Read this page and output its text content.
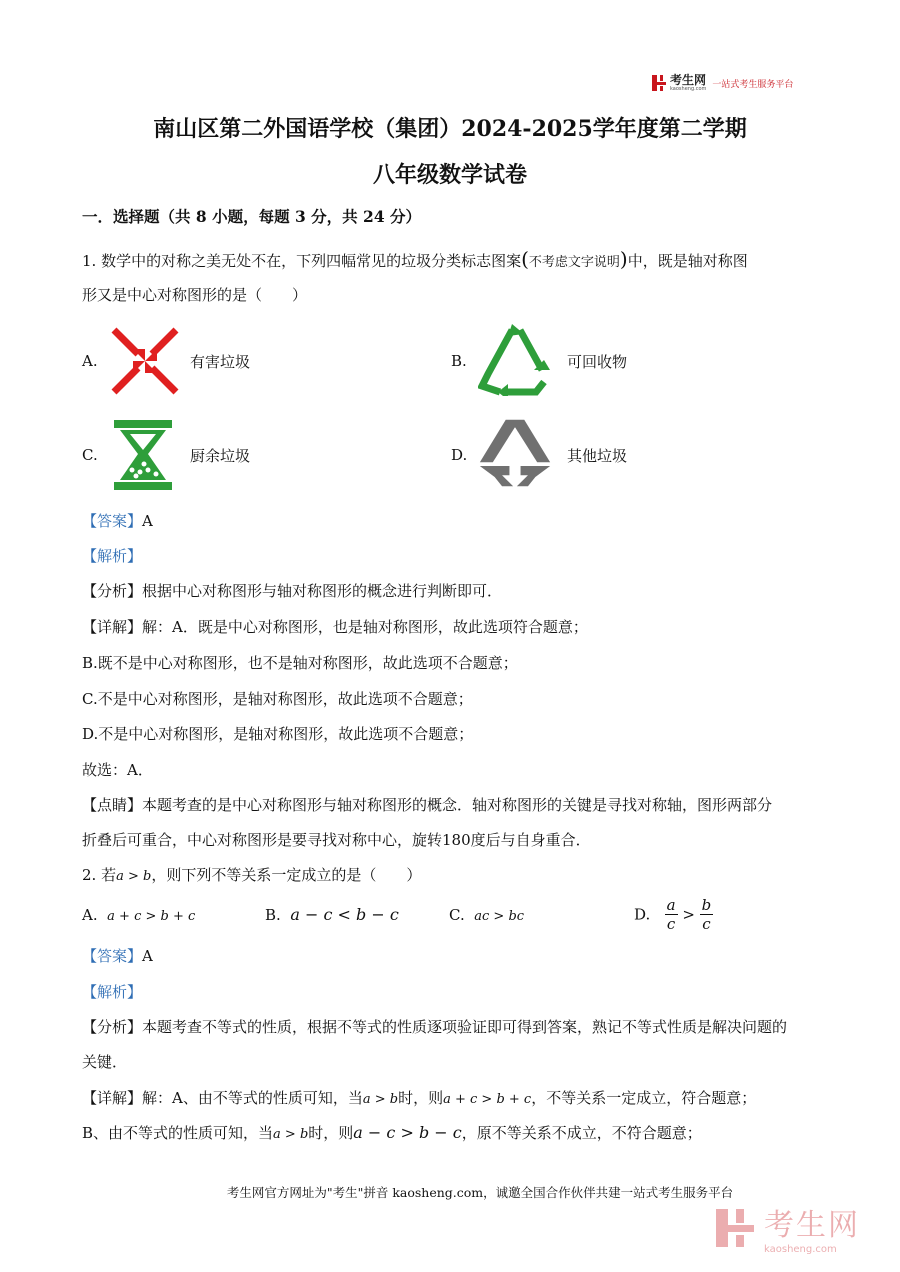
考生网
kaosheng.com 一站式考生服务平台
南山区第二外国语学校（集团）2024-2025学年度第二学期
八年级数学试卷
一．选择题（共 8 小题，每题 3 分，共 24 分）
1. 数学中的对称之美无处不在，下列四幅常见的垃圾分类标志图案(不考虑文字说明)中，既是轴对称图
形又是中心对称图形的是（　　）
A.	有害垃圾	B.	可回收物
C.	厨余垃圾	D.	其他垃圾
【答案】A
【解析】
【分析】根据中心对称图形与轴对称图形的概念进行判断即可．
【详解】解：A．既是中心对称图形，也是轴对称图形，故此选项符合题意；
B.既不是中心对称图形，也不是轴对称图形，故此选项不合题意；
C.不是中心对称图形，是轴对称图形，故此选项不合题意；
D.不是中心对称图形，是轴对称图形，故此选项不合题意；
故选：A．
【点睛】本题考查的是中心对称图形与轴对称图形的概念．轴对称图形的关键是寻找对称轴，图形两部分
折叠后可重合，中心对称图形是要寻找对称中心，旋转180度后与自身重合．
2. 若a > b，则下列不等关系一定成立的是（　　）
A. a + c > b + c	B. a − c < b − c	C. ac > bc	D. $\frac{a}{c} > \frac{b}{c}$
【答案】A
【解析】
【分析】本题考查不等式的性质，根据不等式的性质逐项验证即可得到答案，熟记不等式性质是解决问题的
关键．
【详解】解：A、由不等式的性质可知，当a > b时，则a + c > b + c，不等关系一定成立，符合题意；
B、由不等式的性质可知，当a > b时，则a − c > b − c，原不等关系不成立，不符合题意；
考生网官方网址为"考生"拼音 kaosheng.com，诚邀全国合作伙伴共建一站式考生服务平台
考生网
kaosheng.com
